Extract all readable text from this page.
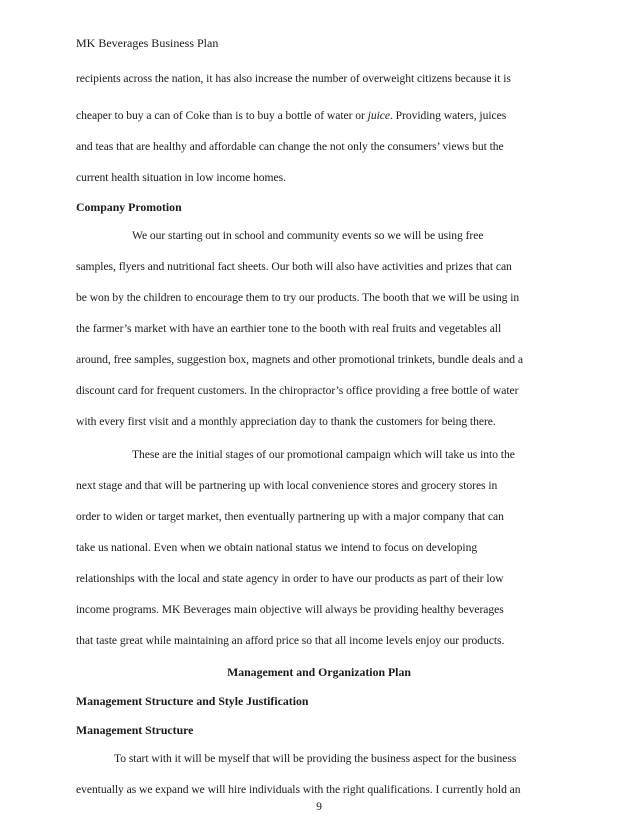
MK Beverages Business Plan
recipients across the nation, it has also increase the number of overweight citizens because it is
cheaper to buy a can of Coke than is to buy a bottle of water or juice. Providing waters, juices
and teas that are healthy and affordable can change the not only the consumers’ views but the
current health situation in low income homes.
Company Promotion
We our starting out in school and community events so we will be using free
samples, flyers and nutritional fact sheets. Our both will also have activities and prizes that can
be won by the children to encourage them to try our products. The booth that we will be using in
the farmer’s market with have an earthier tone to the booth with real fruits and vegetables all
around, free samples, suggestion box, magnets and other promotional trinkets, bundle deals and a
discount card for frequent customers. In the chiropractor’s office providing a free bottle of water
with every first visit and a monthly appreciation day to thank the customers for being there.
These are the initial stages of our promotional campaign which will take us into the
next stage and that will be partnering up with local convenience stores and grocery stores in
order to widen or target market, then eventually partnering up with a major company that can
take us national. Even when we obtain national status we intend to focus on developing
relationships with the local and state agency in order to have our products as part of their low
income programs. MK Beverages main objective will always be providing healthy beverages
that taste great while maintaining an afford price so that all income levels enjoy our products.
Management and Organization Plan
Management Structure and Style Justification
Management Structure
To start with it will be myself that will be providing the business aspect for the business
eventually as we expand we will hire individuals with the right qualifications. I currently hold an
9
